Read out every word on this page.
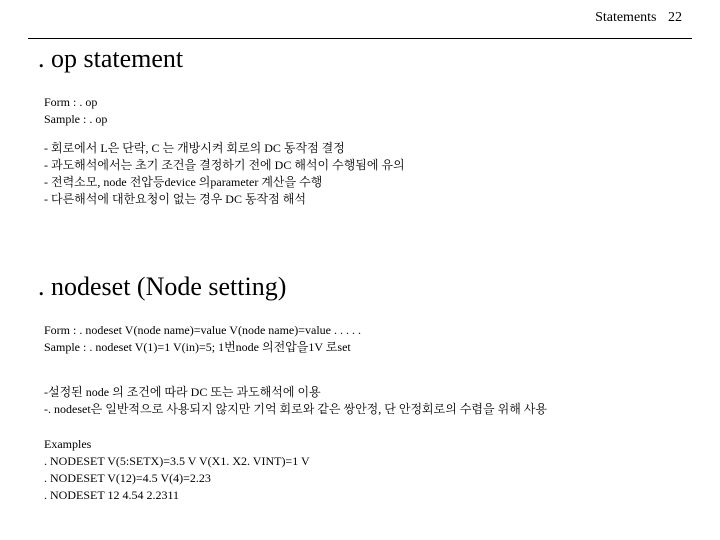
Statements 22
. op statement
Form : . op
Sample : . op
- 회로에서 L은 단락, C 는 개방시켜 회로의 DC 동작점 결정
- 과도해석에서는 초기 조건을 결정하기 전에 DC 해석이 수행됨에 유의
- 전력소모, node 전압등device 의parameter 계산을 수행
- 다른해석에 대한요청이 없는 경우 DC 동작점 해석
. nodeset (Node setting)
Form : . nodeset V(node name)=value V(node name)=value . . . . .
Sample : . nodeset V(1)=1 V(in)=5; 1번node 의전압을1V 로set
-설정된 node 의 조건에 따라 DC 또는 과도해석에 이용
-. nodeset은 일반적으로 사용되지 않지만 기억 회로와 같은 쌍안정, 단 안정회로의 수렴을 위해 사용
Examples
. NODESET V(5:SETX)=3.5 V V(X1. X2. VINT)=1 V
. NODESET V(12)=4.5 V(4)=2.23
. NODESET 12 4.54 2.2311
